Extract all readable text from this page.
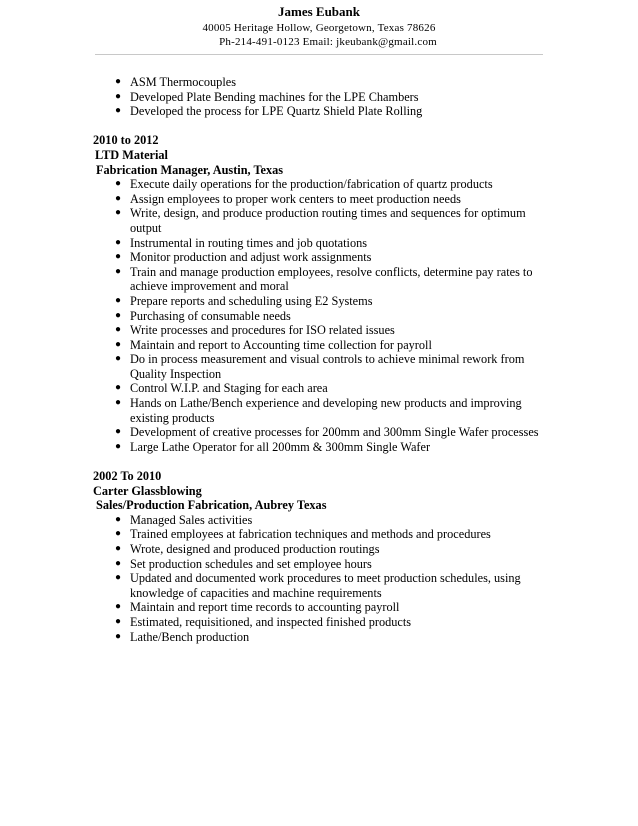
James Eubank
40005 Heritage Hollow, Georgetown, Texas 78626
Ph-214-491-0123 Email: jkeubank@gmail.com
● ASM Thermocouples
● Developed Plate Bending machines for the LPE Chambers
● Developed the process for LPE Quartz Shield Plate Rolling

2010 to 2012

LTD Material

Fabrication Manager, Austin, Texas

● Execute daily operations for the production/fabrication of quartz products
● Assign employees to proper work centers to meet production needs
● Write, design, and produce production routing times and sequences for optimum output
● Instrumental in routing times and job quotations
● Monitor production and adjust work assignments
● Train and manage production employees, resolve conflicts, determine pay rates to achieve improvement and moral
● Prepare reports and scheduling using E2 Systems
● Purchasing of consumable needs
● Write processes and procedures for ISO related issues
● Maintain and report to Accounting time collection for payroll
● Do in process measurement and visual controls to achieve minimal rework from Quality Inspection
● Control W.I.P. and Staging for each area
● Hands on Lathe/Bench experience and developing new products and improving existing products
● Development of creative processes for 200mm and 300mm Single Wafer processes
● Large Lathe Operator for all 200mm & 300mm Single Wafer

2002 To 2010

Carter Glassblowing

Sales/Production Fabrication, Aubrey Texas

● Managed Sales activities
● Trained employees at fabrication techniques and methods and procedures
● Wrote, designed and produced production routings
● Set production schedules and set employee hours
● Updated and documented work procedures to meet production schedules, using knowledge of capacities and machine requirements
● Maintain and report time records to accounting payroll
● Estimated, requisitioned, and inspected finished products
● Lathe/Bench production
